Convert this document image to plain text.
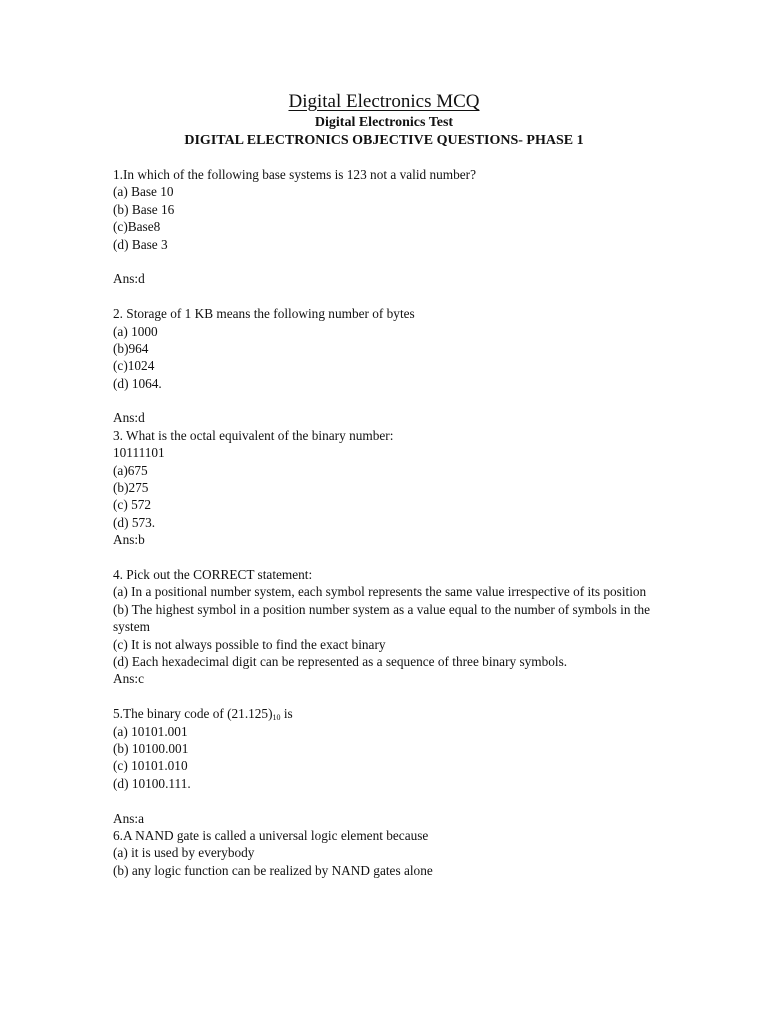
Digital Electronics MCQ
Digital Electronics Test
DIGITAL ELECTRONICS OBJECTIVE QUESTIONS- PHASE 1
1.In which of the following base systems is 123 not a valid number?
(a) Base 10
(b) Base 16
(c)Base8
(d) Base 3
Ans:d
2. Storage of 1 KB means the following number of bytes
(a) 1000
(b)964
(c)1024
(d) 1064.
Ans:d
3. What is the octal equivalent of the binary number:
10111101
(a)675
(b)275
(c) 572
(d) 573.
Ans:b
4. Pick out the CORRECT statement:
(a) In a positional number system, each symbol represents the same value irrespective of its position
(b) The highest symbol in a position number system as a value equal to the number of symbols in the system
(c) It is not always possible to find the exact binary
(d) Each hexadecimal digit can be represented as a sequence of three binary symbols.
Ans:c
5.The binary code of (21.125)10 is
(a) 10101.001
(b) 10100.001
(c) 10101.010
(d) 10100.111.
Ans:a
6.A NAND gate is called a universal logic element because
(a) it is used by everybody
(b) any logic function can be realized by NAND gates alone
